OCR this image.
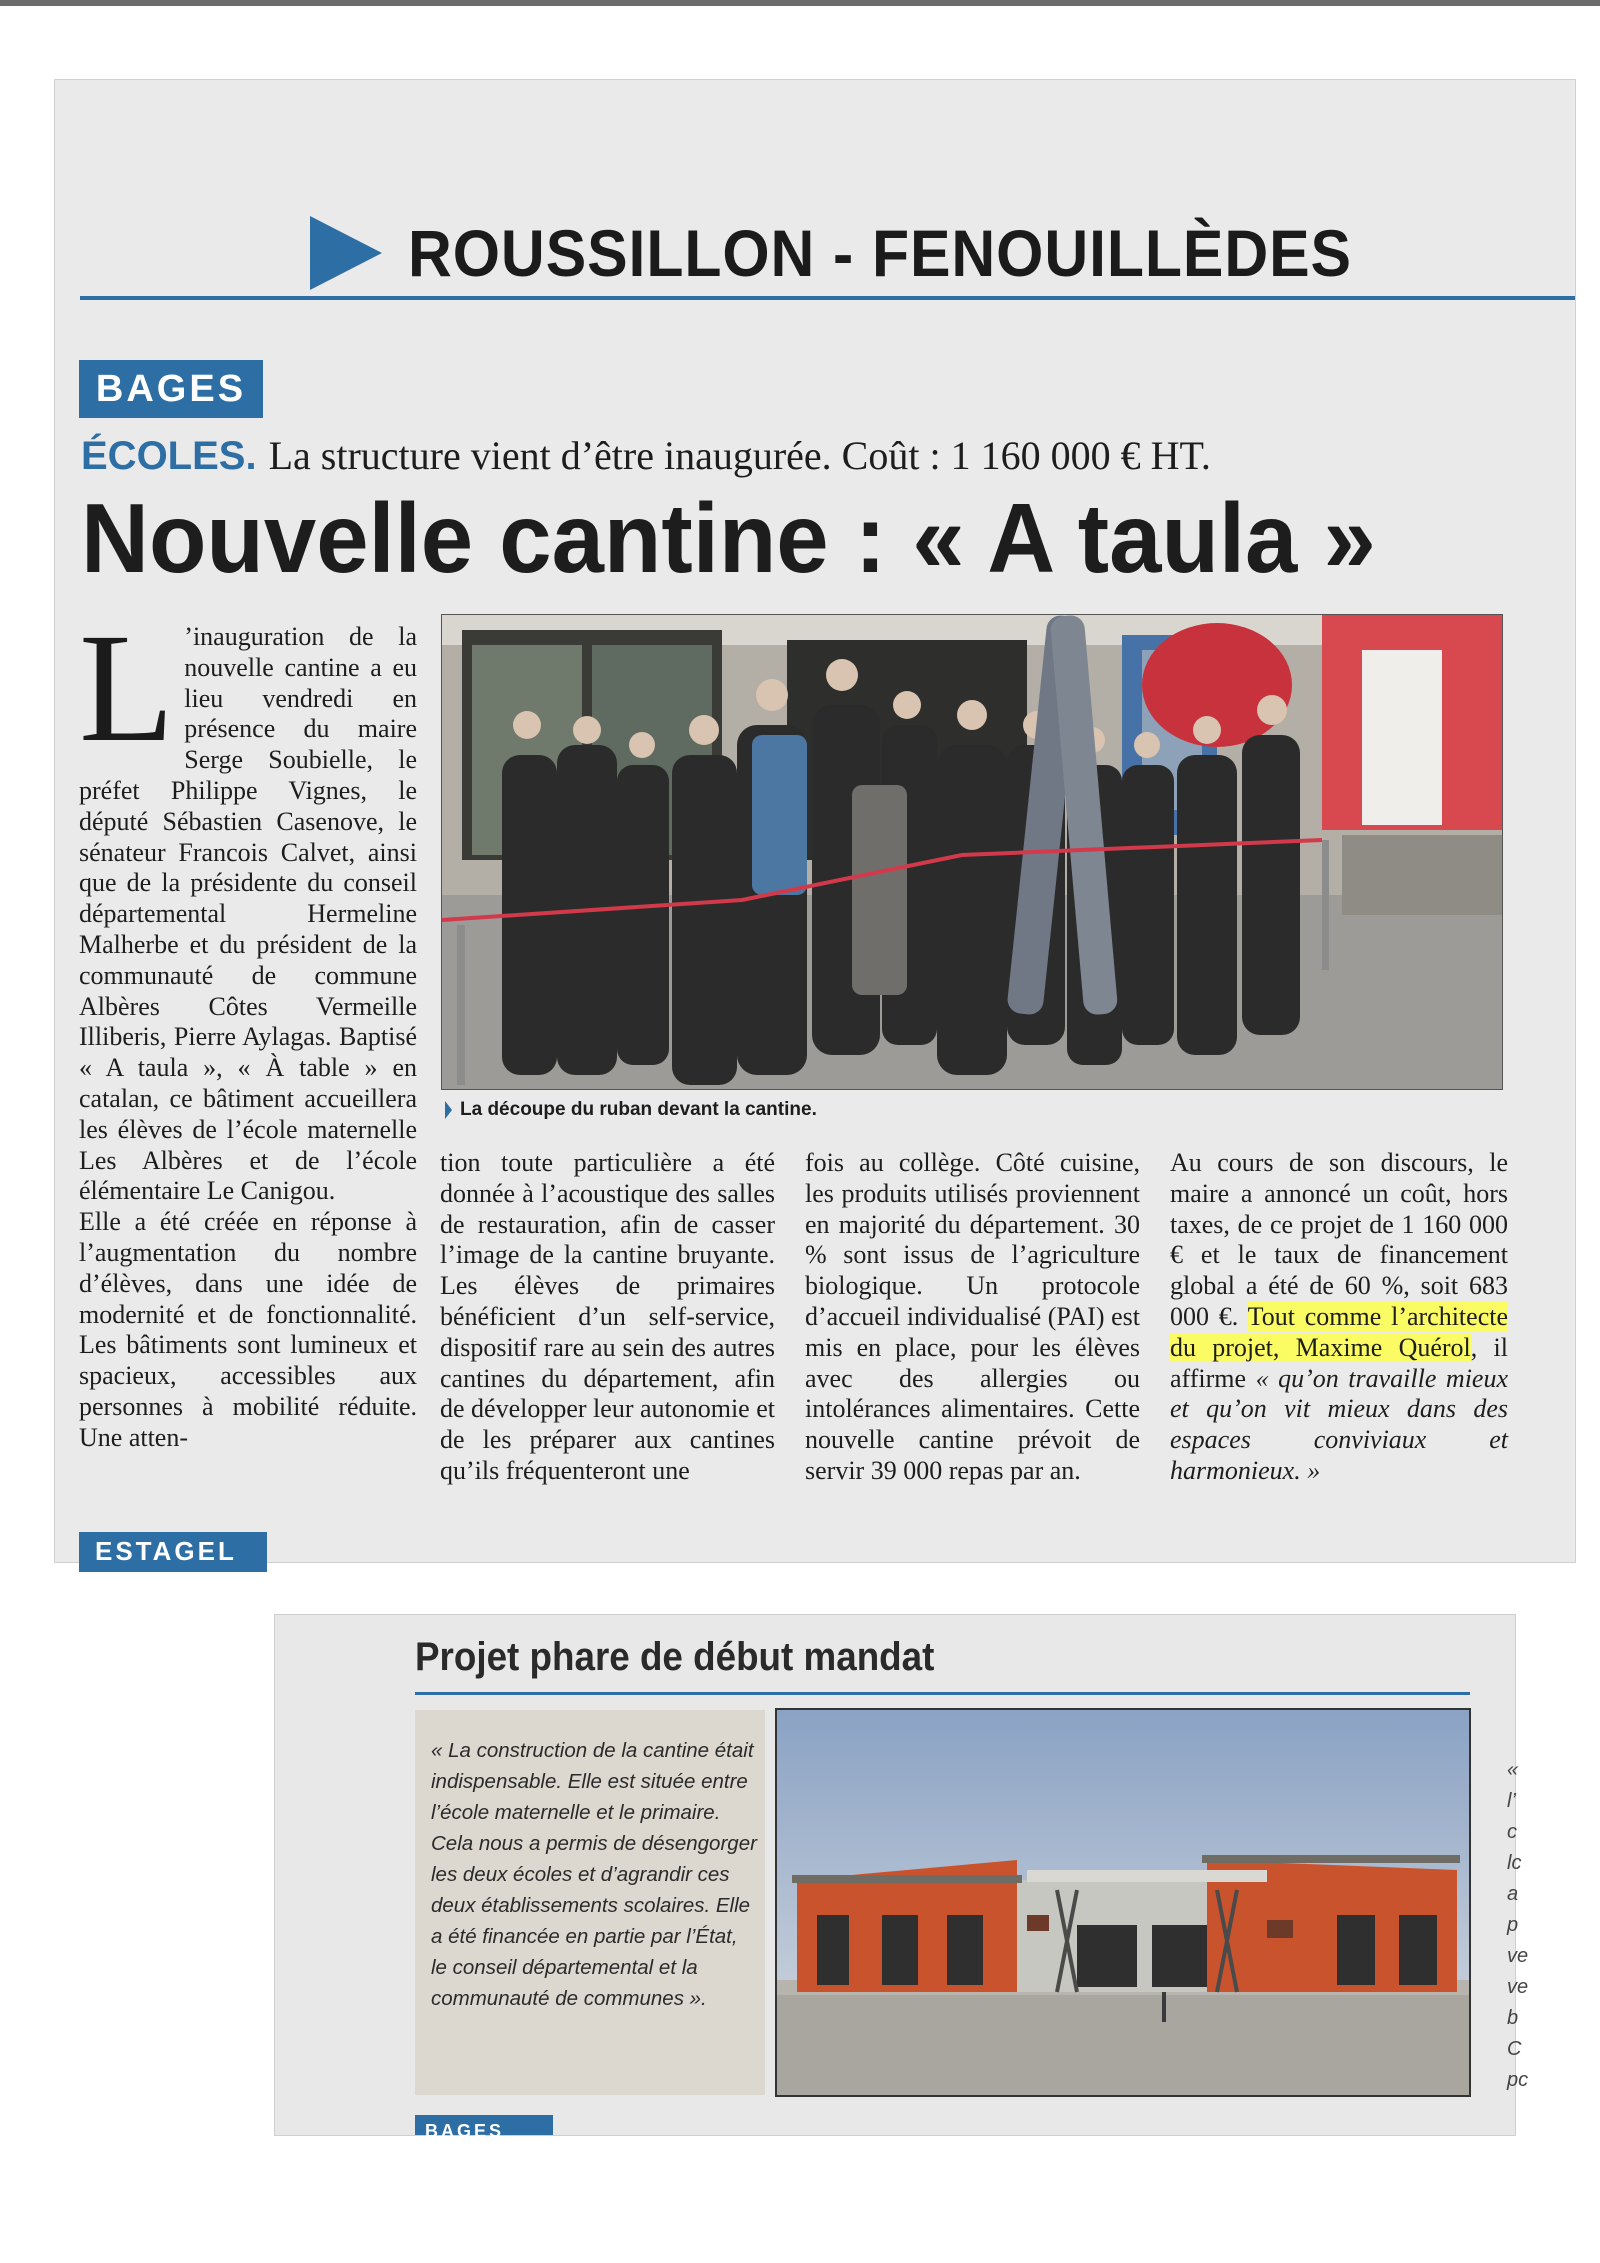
ROUSSILLON - FENOUILLÈDES
BAGES
ÉCOLES. La structure vient d’être inaugurée. Coût : 1 160 000 € HT.
Nouvelle cantine : « A taula »
L ’inauguration de la nouvelle cantine a eu lieu vendredi en présence du maire Serge Soubielle, le préfet Philippe Vignes, le député Sébastien Casenove, le sénateur Francois Calvet, ainsi que de la présidente du conseil départemental Hermeline Malherbe et du président de la communauté de commune Albères Côtes Vermeille Illiberis, Pierre Aylagas. Baptisé « A taula », « À table » en catalan, ce bâtiment accueillera les élèves de l’école maternelle Les Albères et de l’école élémentaire Le Canigou.
Elle a été créée en réponse à l’augmentation du nombre d’élèves, dans une idée de modernité et de fonctionnalité. Les bâtiments sont lumineux et spacieux, accessibles aux personnes à mobilité réduite. Une atten-
La découpe du ruban devant la cantine.
tion toute particulière a été donnée à l’acoustique des salles de restauration, afin de casser l’image de la cantine bruyante. Les élèves de primaires bénéficient d’un self-service, dispositif rare au sein des autres cantines du département, afin de développer leur autonomie et de les préparer aux cantines qu’ils fréquenteront une
fois au collège. Côté cuisine, les produits utilisés proviennent en majorité du département. 30 % sont issus de l’agriculture biologique. Un protocole d’accueil individualisé (PAI) est mis en place, pour les élèves avec des allergies ou intolérances alimentaires. Cette nouvelle cantine prévoit de servir 39 000 repas par an.
Au cours de son discours, le maire a annoncé un coût, hors taxes, de ce projet de 1 160 000 € et le taux de financement global a été de 60 %, soit 683 000 €. Tout comme l’architecte du projet, Maxime Quérol, il affirme « qu’on travaille mieux et qu’on vit mieux dans des espaces conviviaux et harmonieux. »
ESTAGEL
Projet phare de début mandat
« La construction de la cantine était indispensable. Elle est située entre l’école maternelle et le primaire. Cela nous a permis de désengorger les deux écoles et d’agrandir ces deux établissements scolaires. Elle a été financée en partie par l’État, le conseil départemental et la communauté de communes ».
«
l’
c
lc
a
p
ve
ve
b
C
pc
BAGES
